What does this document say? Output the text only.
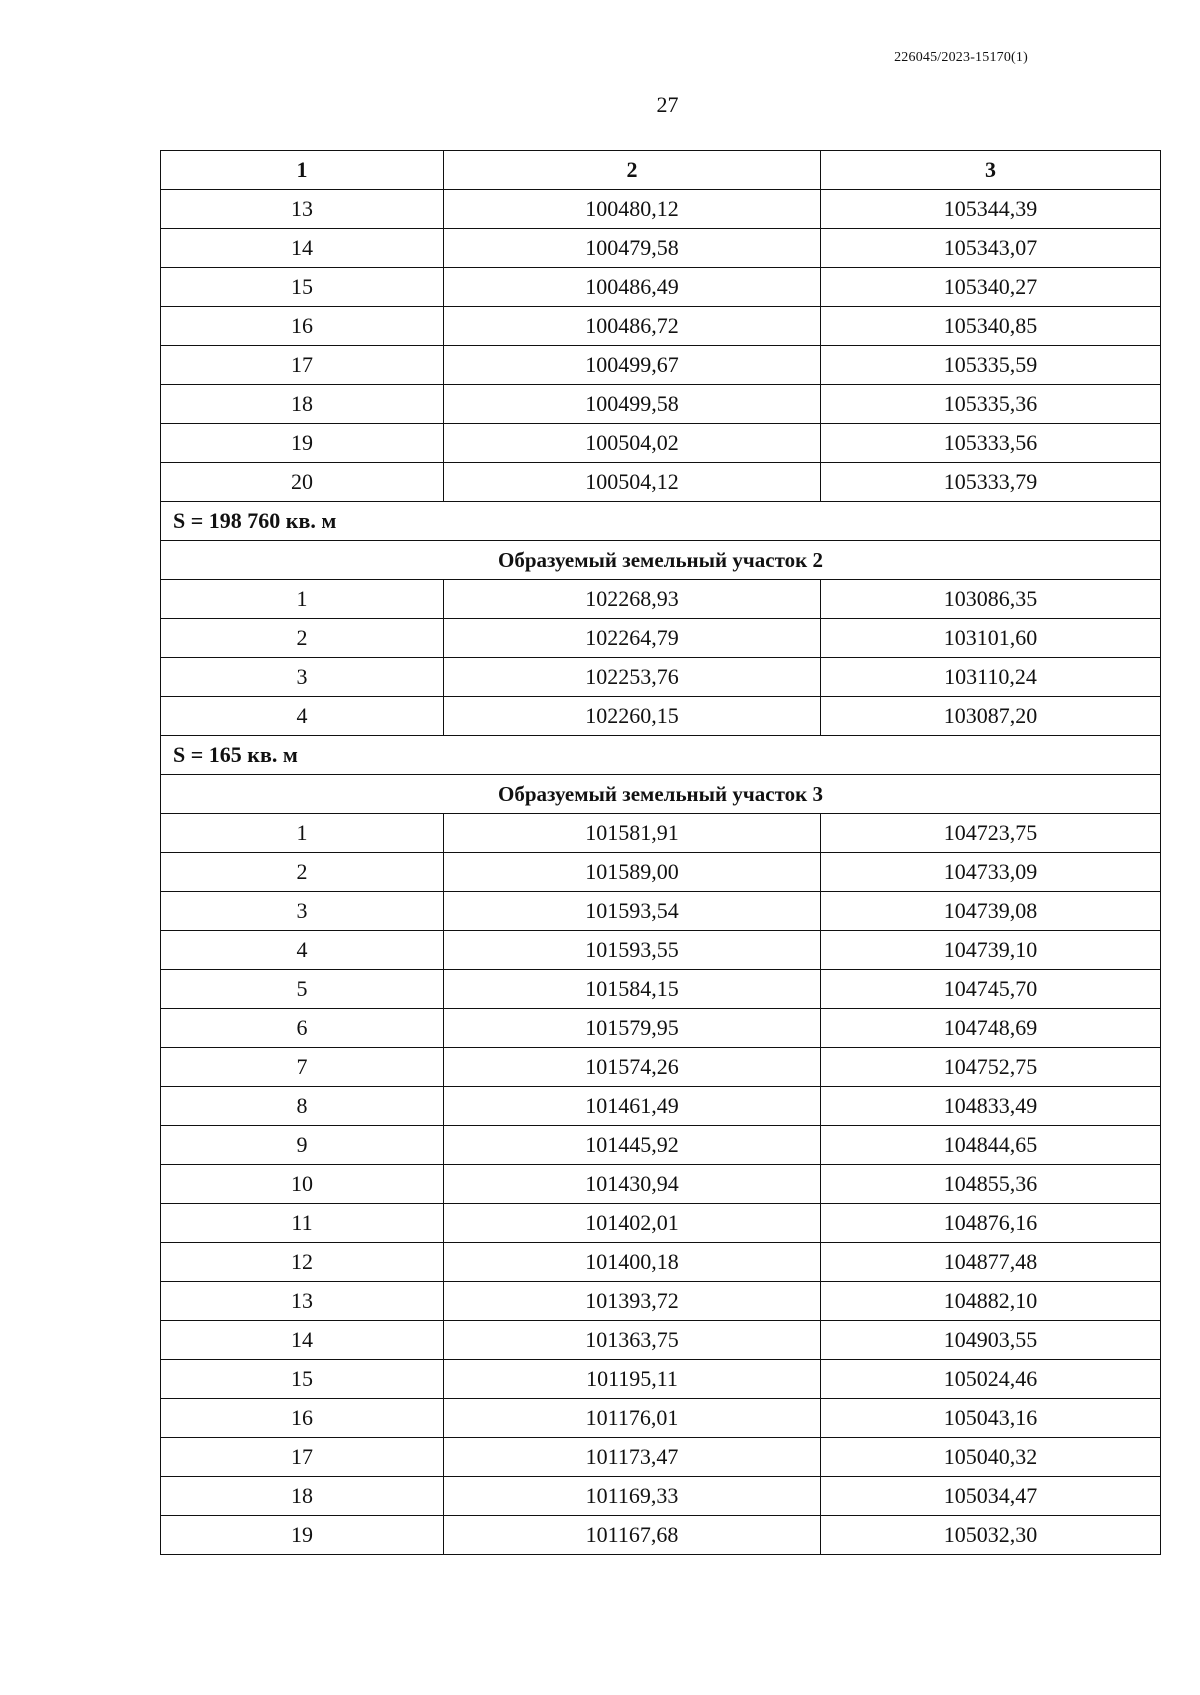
226045/2023-15170(1)
27
1	2	3
13	100480,12	105344,39
14	100479,58	105343,07
15	100486,49	105340,27
16	100486,72	105340,85
17	100499,67	105335,59
18	100499,58	105335,36
19	100504,02	105333,56
20	100504,12	105333,79
S = 198 760 кв. м		
Образуемый земельный участок 2		
1	102268,93	103086,35
2	102264,79	103101,60
3	102253,76	103110,24
4	102260,15	103087,20
S = 165 кв. м		
Образуемый земельный участок 3		
1	101581,91	104723,75
2	101589,00	104733,09
3	101593,54	104739,08
4	101593,55	104739,10
5	101584,15	104745,70
6	101579,95	104748,69
7	101574,26	104752,75
8	101461,49	104833,49
9	101445,92	104844,65
10	101430,94	104855,36
11	101402,01	104876,16
12	101400,18	104877,48
13	101393,72	104882,10
14	101363,75	104903,55
15	101195,11	105024,46
16	101176,01	105043,16
17	101173,47	105040,32
18	101169,33	105034,47
19	101167,68	105032,30
